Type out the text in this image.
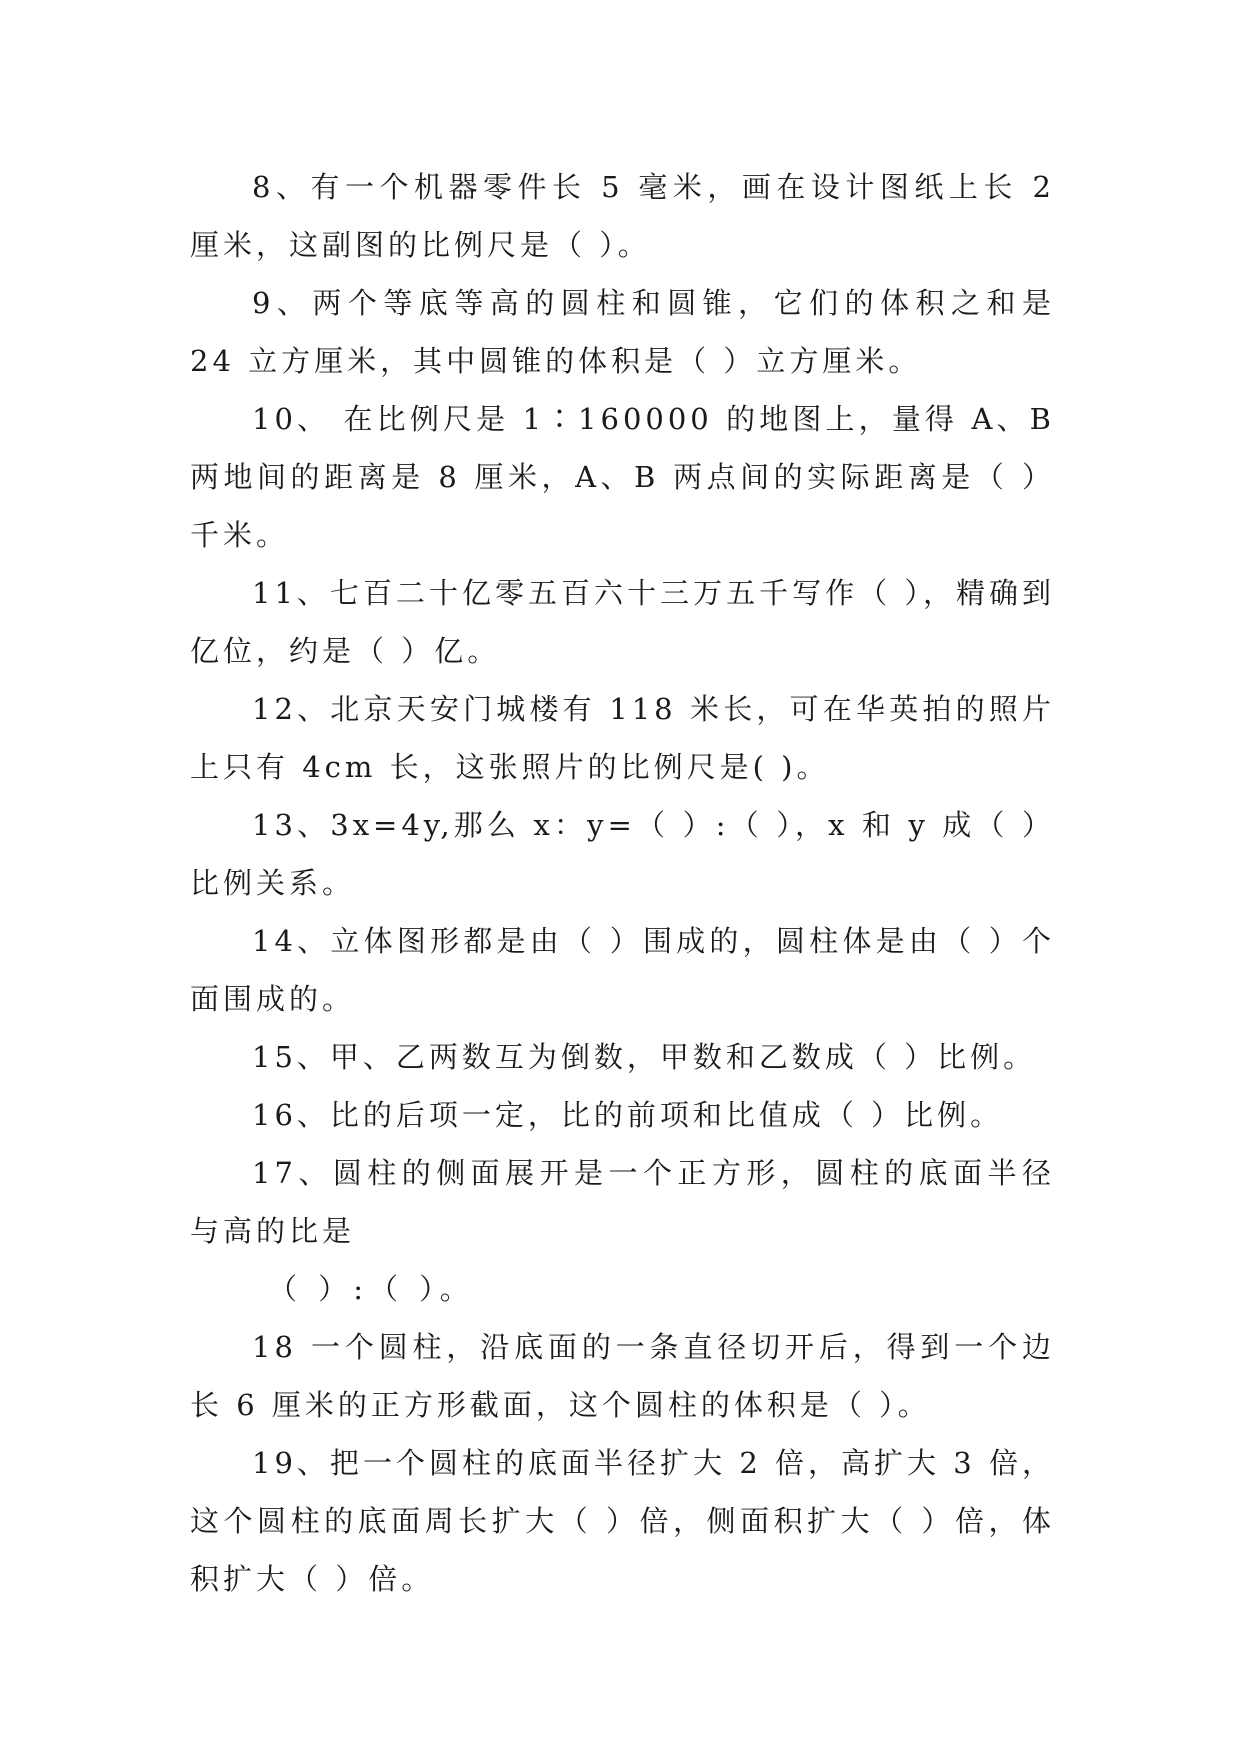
8、有一个机器零件长 5 毫米，画在设计图纸上长 2 厘米，这副图的比例尺是（ ）。

9、两个等底等高的圆柱和圆锥，它们的体积之和是 24 立方厘米，其中圆锥的体积是（ ）立方厘米。

10、 在比例尺是 1∶160000 的地图上，量得 A、B 两地间的距离是 8 厘米，A、B 两点间的实际距离是（ ）千米。

11、七百二十亿零五百六十三万五千写作（ ），精确到亿位，约是（ ）亿。

12、北京天安门城楼有 118 米长，可在华英拍的照片上只有 4cm 长，这张照片的比例尺是( )。

13、3x=4y,那么 x：y=（ ）:（ ），x 和 y 成（ ）比例关系。

14、立体图形都是由（ ）围成的，圆柱体是由（ ）个面围成的。

15、甲、乙两数互为倒数，甲数和乙数成（ ）比例。

16、比的后项一定，比的前项和比值成（ ）比例。

17、圆柱的侧面展开是一个正方形，圆柱的底面半径与高的比是

（ ）:（ ）。

18 一个圆柱，沿底面的一条直径切开后，得到一个边长 6 厘米的正方形截面，这个圆柱的体积是（ ）。

19、把一个圆柱的底面半径扩大 2 倍，高扩大 3 倍，这个圆柱的底面周长扩大（ ）倍，侧面积扩大（ ）倍，体积扩大（ ）倍。
